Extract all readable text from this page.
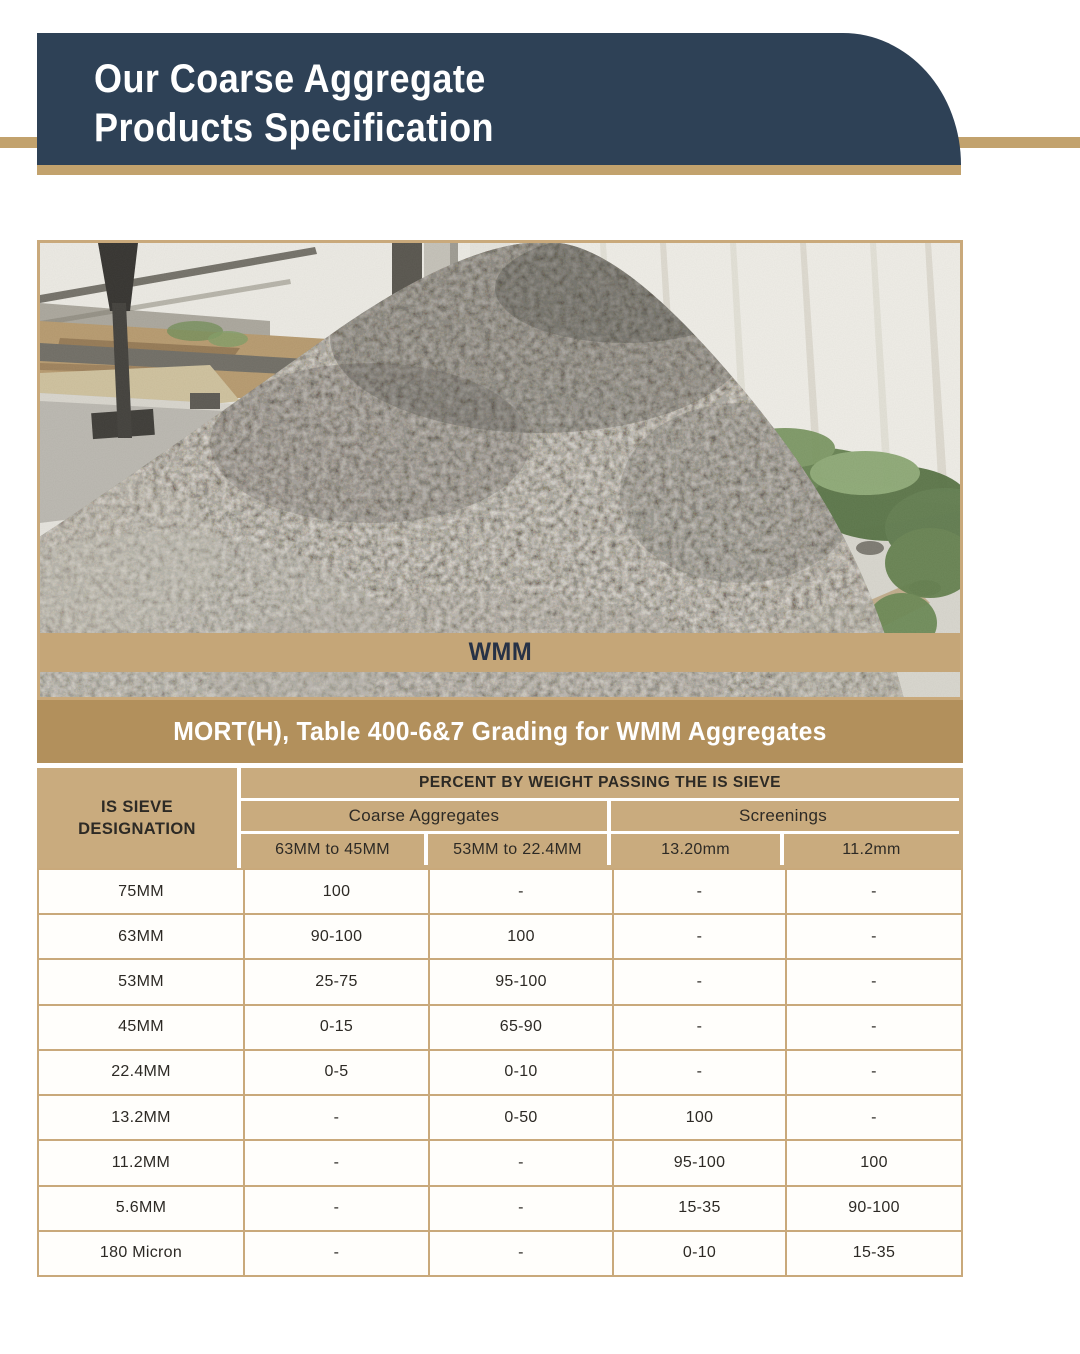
Our Coarse Aggregate
Products Specification
WMM
MORT(H), Table 400-6&7 Grading for WMM Aggregates
IS SIEVE DESIGNATION
PERCENT BY WEIGHT PASSING THE IS SIEVE
Coarse Aggregates	Screenings
63MM to 45MM	53MM to 22.4MM	13.20mm	11.2mm
75MM	100	-	-	-
63MM	90-100	100	-	-
53MM	25-75	95-100	-	-
45MM	0-15	65-90	-	-
22.4MM	0-5	0-10	-	-
13.2MM	-	0-50	100	-
11.2MM	-	-	95-100	100
5.6MM	-	-	15-35	90-100
180 Micron	-	-	0-10	15-35
